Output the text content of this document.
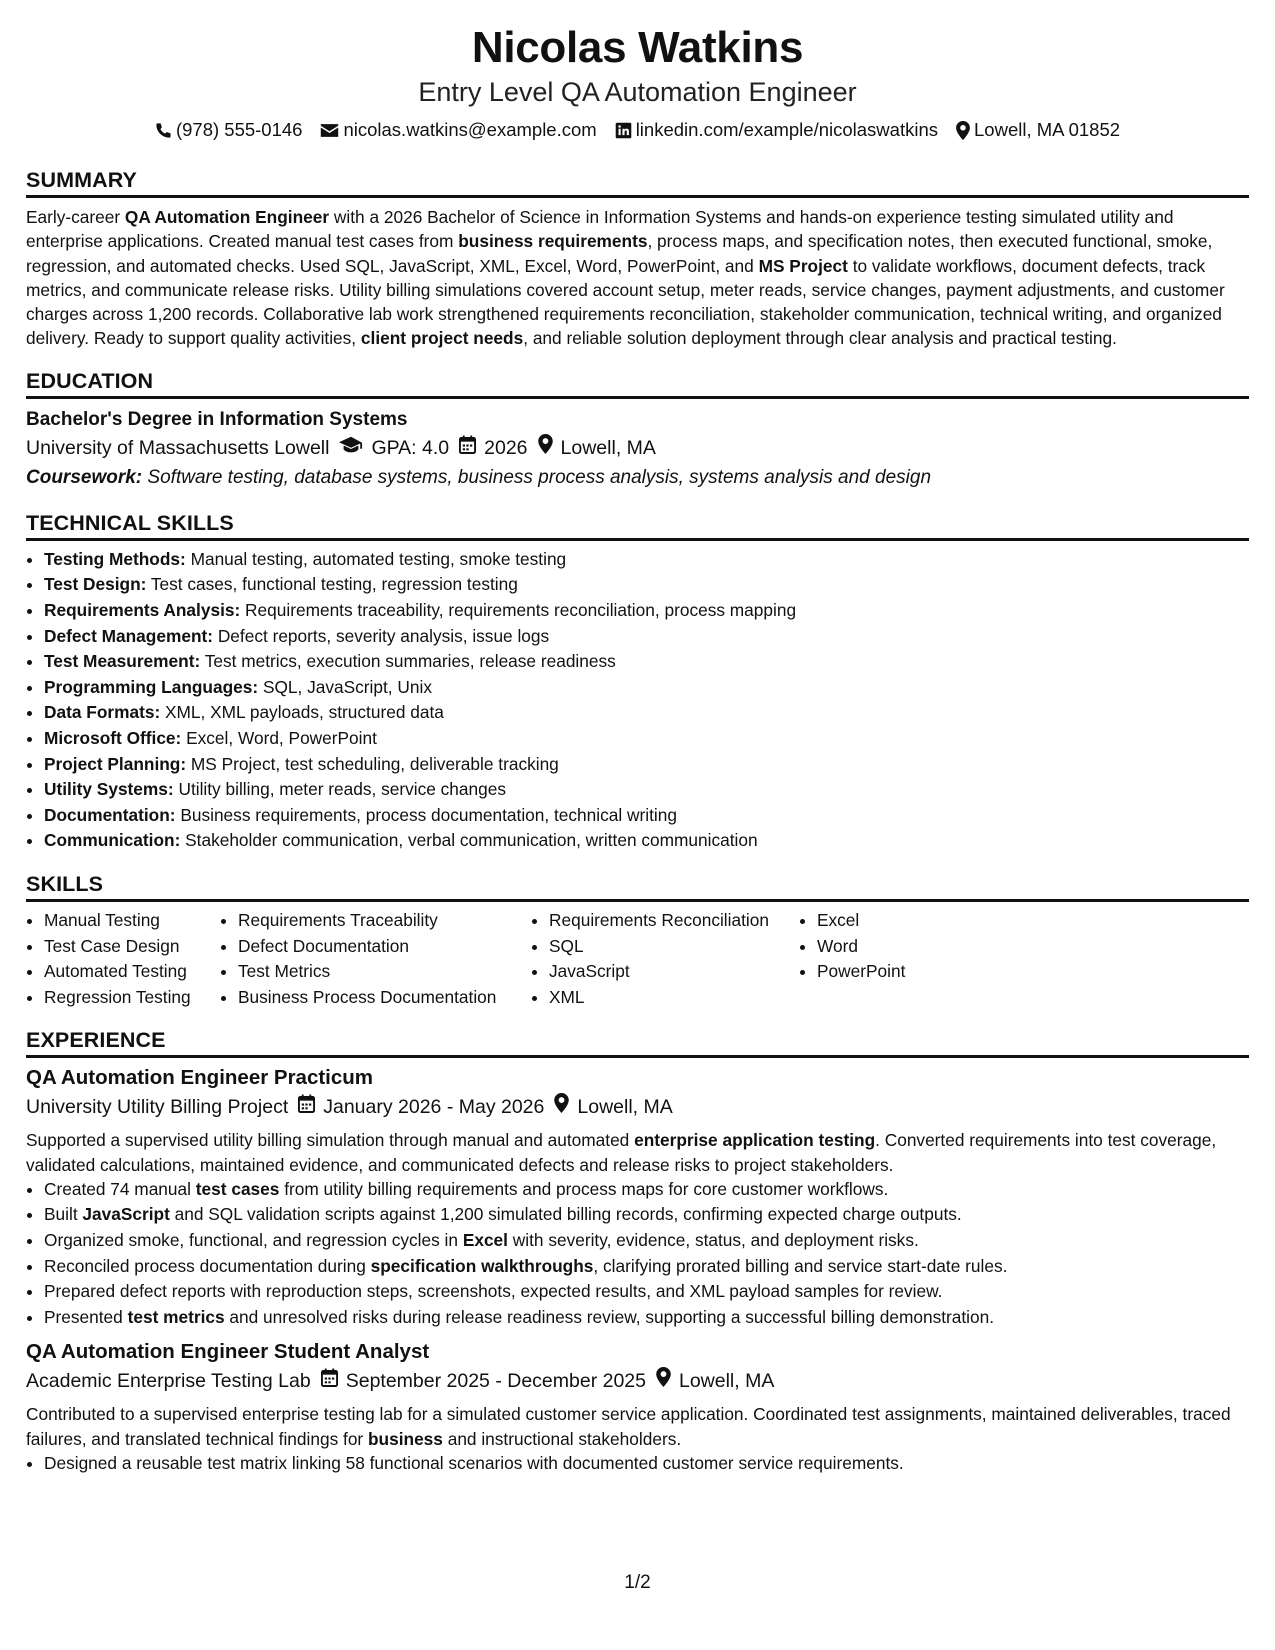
Nicolas Watkins
Entry Level QA Automation Engineer
(978) 555-0146 nicolas.watkins@example.com linkedin.com/example/nicolaswatkins Lowell, MA 01852
SUMMARY
Early-career QA Automation Engineer with a 2026 Bachelor of Science in Information Systems and hands-on experience testing simulated utility and enterprise applications. Created manual test cases from business requirements, process maps, and specification notes, then executed functional, smoke, regression, and automated checks. Used SQL, JavaScript, XML, Excel, Word, PowerPoint, and MS Project to validate workflows, document defects, track metrics, and communicate release risks. Utility billing simulations covered account setup, meter reads, service changes, payment adjustments, and customer charges across 1,200 records. Collaborative lab work strengthened requirements reconciliation, stakeholder communication, technical writing, and organized delivery. Ready to support quality activities, client project needs, and reliable solution deployment through clear analysis and practical testing.
EDUCATION
Bachelor's Degree in Information Systems
University of Massachusetts Lowell GPA: 4.0 2026 Lowell, MA
Coursework: Software testing, database systems, business process analysis, systems analysis and design
TECHNICAL SKILLS
• Testing Methods: Manual testing, automated testing, smoke testing
• Test Design: Test cases, functional testing, regression testing
• Requirements Analysis: Requirements traceability, requirements reconciliation, process mapping
• Defect Management: Defect reports, severity analysis, issue logs
• Test Measurement: Test metrics, execution summaries, release readiness
• Programming Languages: SQL, JavaScript, Unix
• Data Formats: XML, XML payloads, structured data
• Microsoft Office: Excel, Word, PowerPoint
• Project Planning: MS Project, test scheduling, deliverable tracking
• Utility Systems: Utility billing, meter reads, service changes
• Documentation: Business requirements, process documentation, technical writing
• Communication: Stakeholder communication, verbal communication, written communication
SKILLS
• Manual Testing
• Test Case Design
• Automated Testing
• Regression Testing
• Requirements Traceability
• Defect Documentation
• Test Metrics
• Business Process Documentation
• Requirements Reconciliation
• SQL
• JavaScript
• XML
• Excel
• Word
• PowerPoint
EXPERIENCE
QA Automation Engineer Practicum
University Utility Billing Project January 2026 - May 2026 Lowell, MA
Supported a supervised utility billing simulation through manual and automated enterprise application testing. Converted requirements into test coverage, validated calculations, maintained evidence, and communicated defects and release risks to project stakeholders.
• Created 74 manual test cases from utility billing requirements and process maps for core customer workflows.
• Built JavaScript and SQL validation scripts against 1,200 simulated billing records, confirming expected charge outputs.
• Organized smoke, functional, and regression cycles in Excel with severity, evidence, status, and deployment risks.
• Reconciled process documentation during specification walkthroughs, clarifying prorated billing and service start-date rules.
• Prepared defect reports with reproduction steps, screenshots, expected results, and XML payload samples for review.
• Presented test metrics and unresolved risks during release readiness review, supporting a successful billing demonstration.
QA Automation Engineer Student Analyst
Academic Enterprise Testing Lab September 2025 - December 2025 Lowell, MA
Contributed to a supervised enterprise testing lab for a simulated customer service application. Coordinated test assignments, maintained deliverables, traced failures, and translated technical findings for business and instructional stakeholders.
• Designed a reusable test matrix linking 58 functional scenarios with documented customer service requirements.
1/2
